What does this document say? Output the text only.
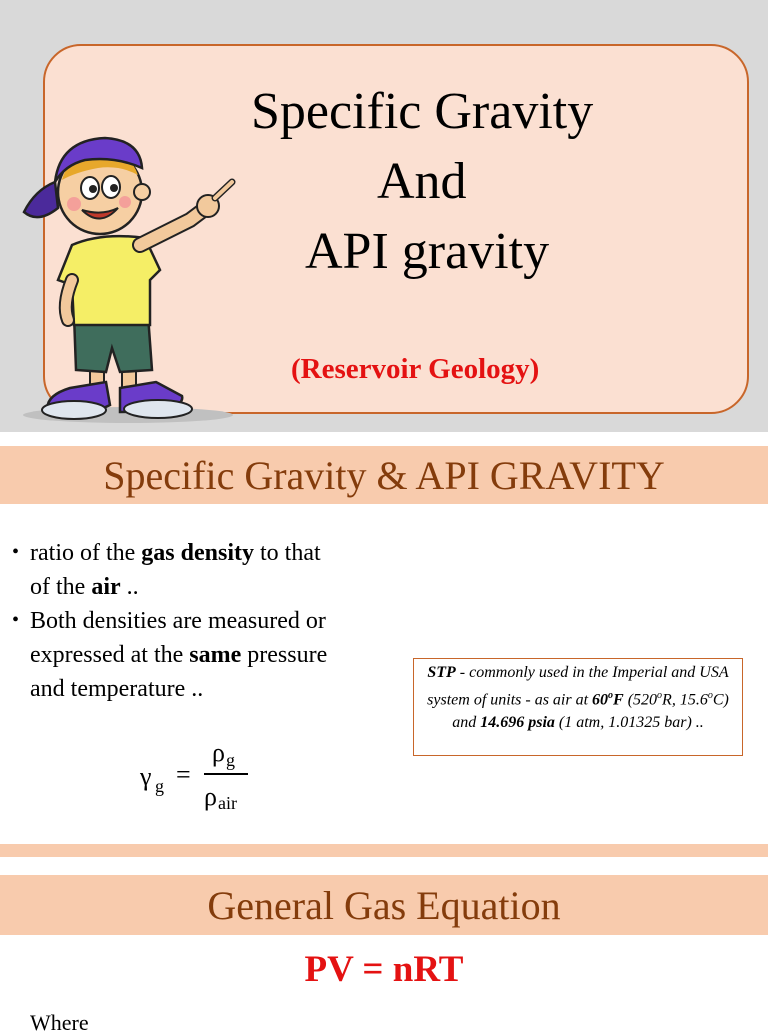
Specific Gravity
And
API gravity
(Reservoir Geology)
Specific Gravity & API GRAVITY

• ratio of the gas density to that
of the air ..

• Both densities are measured or
expressed at the same pressure
and temperature ..

STP - commonly used in the Imperial and USA system of units - as air at 60$^o$F (520$^o$R, 15.6$^o$C) and 14.696 psia (1 atm, 1.01325 bar) ..
γ g =
ρ g
ρ air
General Gas Equation
PV = nRT
Where
